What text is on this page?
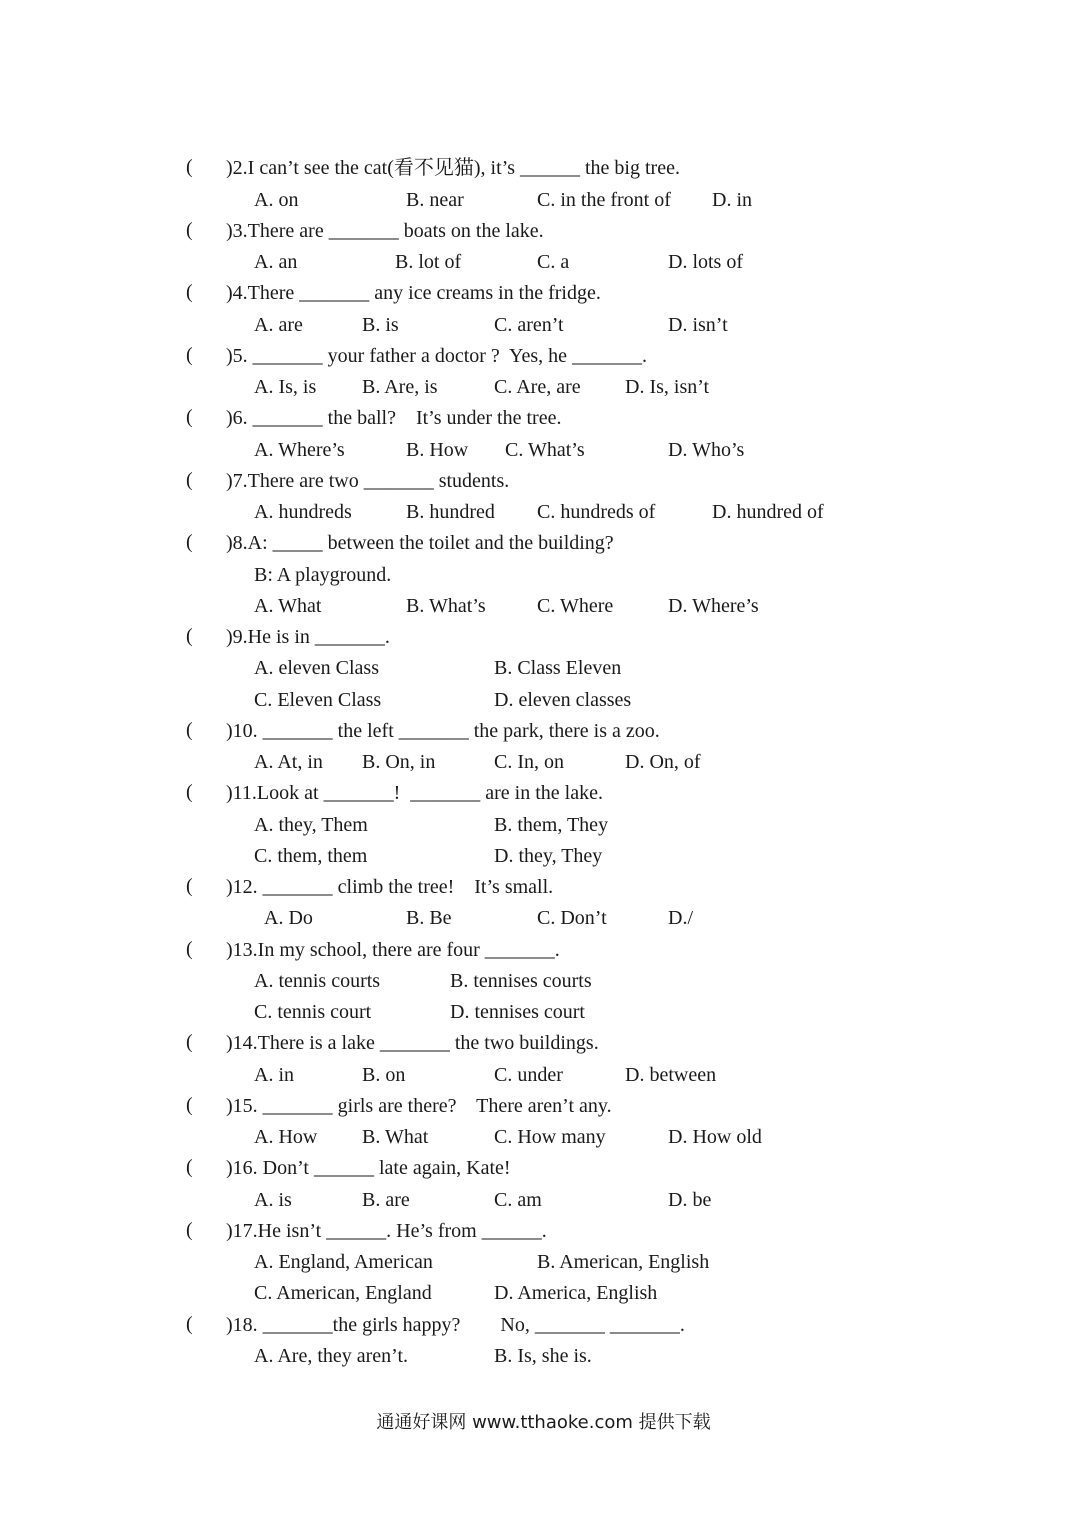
( )2.I can’t see the cat(看不见猫), it’s ______ the big tree.
A. on	B. near	C. in the front of D. in
( )3.There are _______ boats on the lake.
A. an	B. lot of	C. a	D. lots of
( )4.There _______ any ice creams in the fridge.
A. are	B. is	C. aren’t	D. isn’t
( )5. _______ your father a doctor ?  Yes, he _______.
A. Is, is B. Are, is	C. Are, are D. Is, isn’t
( )6. _______ the ball?    It’s under the tree.
A. Where’s	B. How C. What’s	D. Who’s
( )7.There are two _______ students.
A. hundreds	B. hundred C. hundreds of	D. hundred of
( )8.A: _____ between the toilet and the building?
B: A playground.
A. What	B. What’s	C. Where	D. Where’s
( )9.He is in _______.
A. eleven Class	B. Class Eleven
C. Eleven Class	D. eleven classes
( )10. _______ the left _______ the park, there is a zoo.
A. At, in B. On, in	C. In, on	D. On, of
( )11.Look at _______!  _______ are in the lake.
A. they, Them	B. them, They
C. them, them	D. they, They
( )12. _______ climb the tree!    It’s small.
A. Do	B. Be	C. Don’t	D./
( )13.In my school, there are four _______.
A. tennis courts	B. tennises courts
C. tennis court	D. tennises court
( )14.There is a lake _______ the two buildings.
A. in	B. on	C. under	D. between
( )15. _______ girls are there?    There aren’t any.
A. How B. What	C. How many	D. How old
( )16. Don’t ______ late again, Kate!
A. is	B. are	C. am	D. be
( )17.He isn’t ______. He’s from ______.
A. England, American	B. American, English
C. American, England	D. America, English
( )18. _______the girls happy?        No, _______ _______.
A. Are, they aren’t.	B. Is, she is.
通通好课网 www.tthaoke.com 提供下载
